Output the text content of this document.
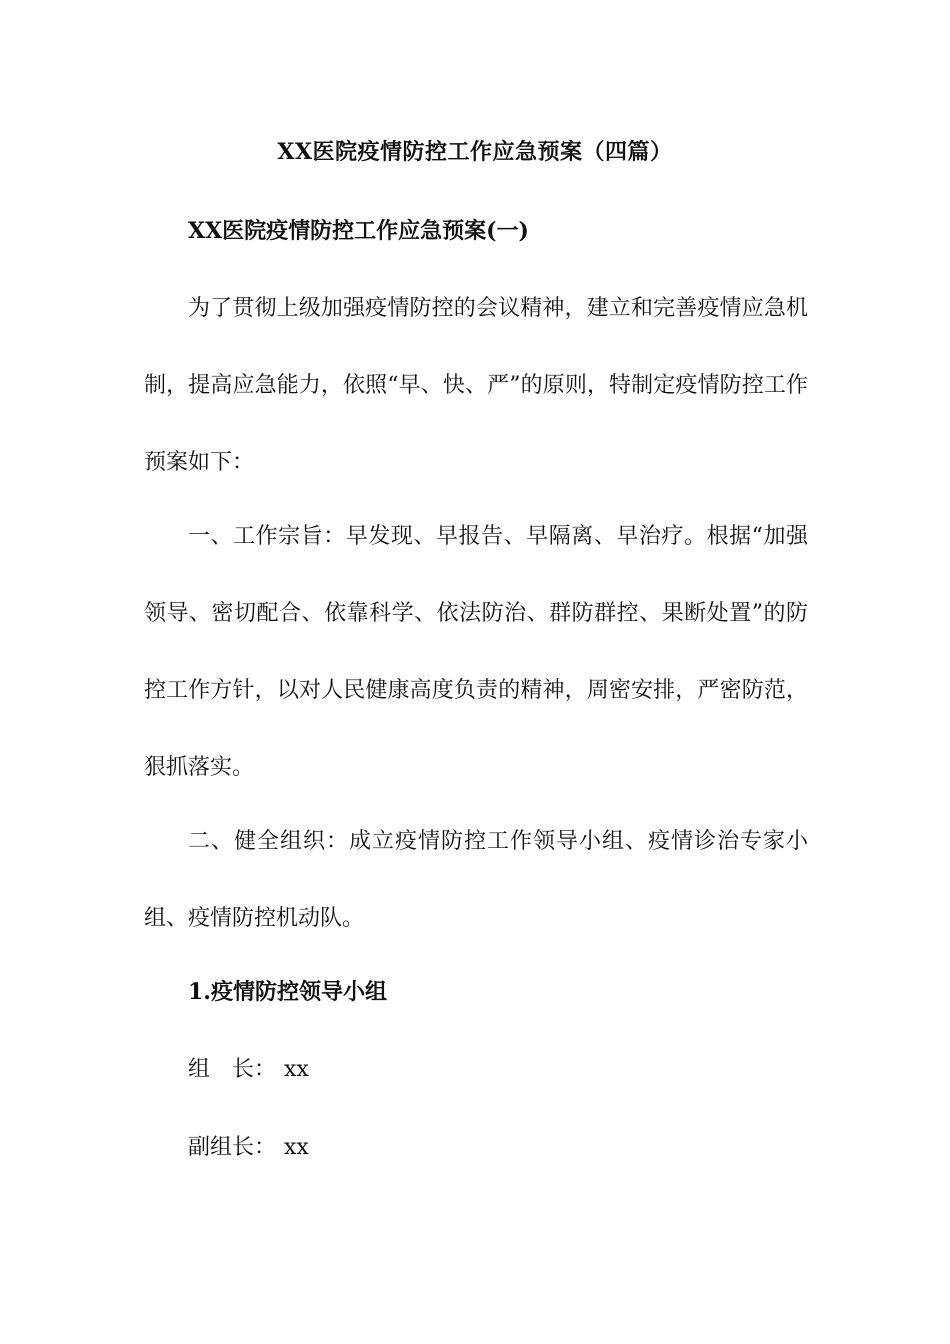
XX医院疫情防控工作应急预案（四篇）
XX医院疫情防控工作应急预案(一)

为了贯彻上级加强疫情防控的会议精神，建立和完善疫情应急机制，提高应急能力，依照“早、快、严”的原则，特制定疫情防控工作预案如下：

一、工作宗旨：早发现、早报告、早隔离、早治疗。根据“加强领导、密切配合、依靠科学、依法防治、群防群控、果断处置”的防控工作方针，以对人民健康高度负责的精神，周密安排，严密防范，狠抓落实。

二、健全组织：成立疫情防控工作领导小组、疫情诊治专家小组、疫情防控机动队。

1.疫情防控领导小组
组　长： xx
副组长： xx
